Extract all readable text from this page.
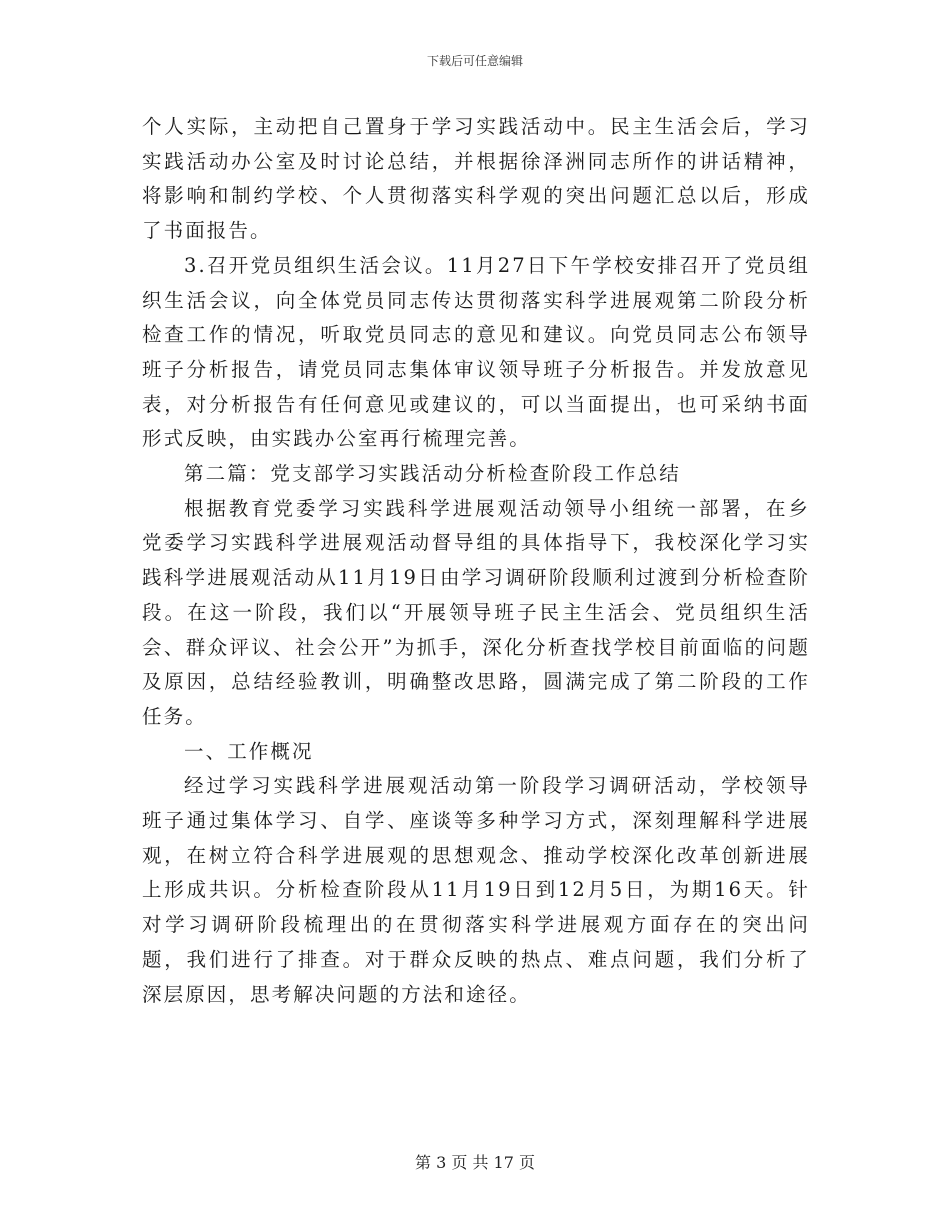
下载后可任意编辑

个人实际，主动把自己置身于学习实践活动中。民主生活会后，学习实践活动办公室及时讨论总结，并根据徐泽洲同志所作的讲话精神，将影响和制约学校、个人贯彻落实科学观的突出问题汇总以后，形成了书面报告。

3.召开党员组织生活会议。11月27日下午学校安排召开了党员组织生活会议，向全体党员同志传达贯彻落实科学进展观第二阶段分析检查工作的情况，听取党员同志的意见和建议。向党员同志公布领导班子分析报告，请党员同志集体审议领导班子分析报告。并发放意见表，对分析报告有任何意见或建议的，可以当面提出，也可采纳书面形式反映，由实践办公室再行梳理完善。

第二篇：党支部学习实践活动分析检查阶段工作总结

根据教育党委学习实践科学进展观活动领导小组统一部署，在乡党委学习实践科学进展观活动督导组的具体指导下，我校深化学习实践科学进展观活动从11月19日由学习调研阶段顺利过渡到分析检查阶段。在这一阶段，我们以“开展领导班子民主生活会、党员组织生活会、群众评议、社会公开”为抓手，深化分析查找学校目前面临的问题及原因，总结经验教训，明确整改思路，圆满完成了第二阶段的工作任务。

一、工作概况

经过学习实践科学进展观活动第一阶段学习调研活动，学校领导班子通过集体学习、自学、座谈等多种学习方式，深刻理解科学进展观，在树立符合科学进展观的思想观念、推动学校深化改革创新进展上形成共识。分析检查阶段从11月19日到12月5日，为期16天。针对学习调研阶段梳理出的在贯彻落实科学进展观方面存在的突出问题，我们进行了排查。对于群众反映的热点、难点问题，我们分析了深层原因，思考解决问题的方法和途径。

第 3 页 共 17 页
